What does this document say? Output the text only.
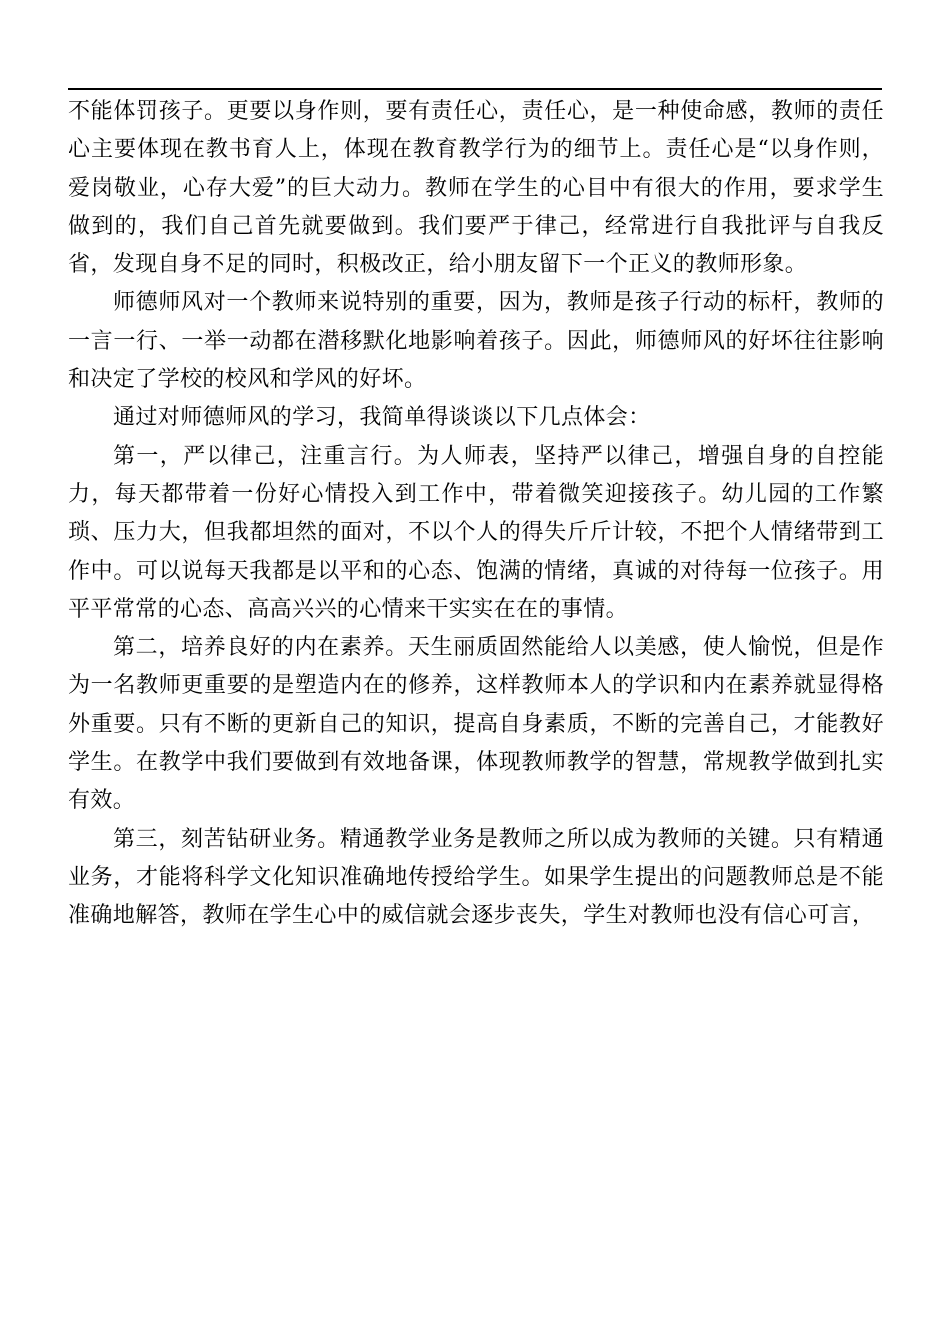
不能体罚孩子。更要以身作则，要有责任心，责任心，是一种使命感，教师的责任心主要体现在教书育人上，体现在教育教学行为的细节上。责任心是“以身作则，爱岗敬业，心存大爱”的巨大动力。教师在学生的心目中有很大的作用，要求学生做到的，我们自己首先就要做到。我们要严于律己，经常进行自我批评与自我反省，发现自身不足的同时，积极改正，给小朋友留下一个正义的教师形象。

师德师风对一个教师来说特别的重要，因为，教师是孩子行动的标杆，教师的一言一行、一举一动都在潜移默化地影响着孩子。因此，师德师风的好坏往往影响和决定了学校的校风和学风的好坏。

通过对师德师风的学习，我简单得谈谈以下几点体会：

第一，严以律己，注重言行。为人师表，坚持严以律己，增强自身的自控能力，每天都带着一份好心情投入到工作中，带着微笑迎接孩子。幼儿园的工作繁琐、压力大，但我都坦然的面对，不以个人的得失斤斤计较，不把个人情绪带到工作中。可以说每天我都是以平和的心态、饱满的情绪，真诚的对待每一位孩子。用平平常常的心态、高高兴兴的心情来干实实在在的事情。

第二，培养良好的内在素养。天生丽质固然能给人以美感，使人愉悦，但是作为一名教师更重要的是塑造内在的修养，这样教师本人的学识和内在素养就显得格外重要。只有不断的更新自己的知识，提高自身素质，不断的完善自己，才能教好学生。在教学中我们要做到有效地备课，体现教师教学的智慧，常规教学做到扎实有效。

第三，刻苦钻研业务。精通教学业务是教师之所以成为教师的关键。只有精通业务，才能将科学文化知识准确地传授给学生。如果学生提出的问题教师总是不能准确地解答，教师在学生心中的威信就会逐步丧失，学生对教师也没有信心可言，
